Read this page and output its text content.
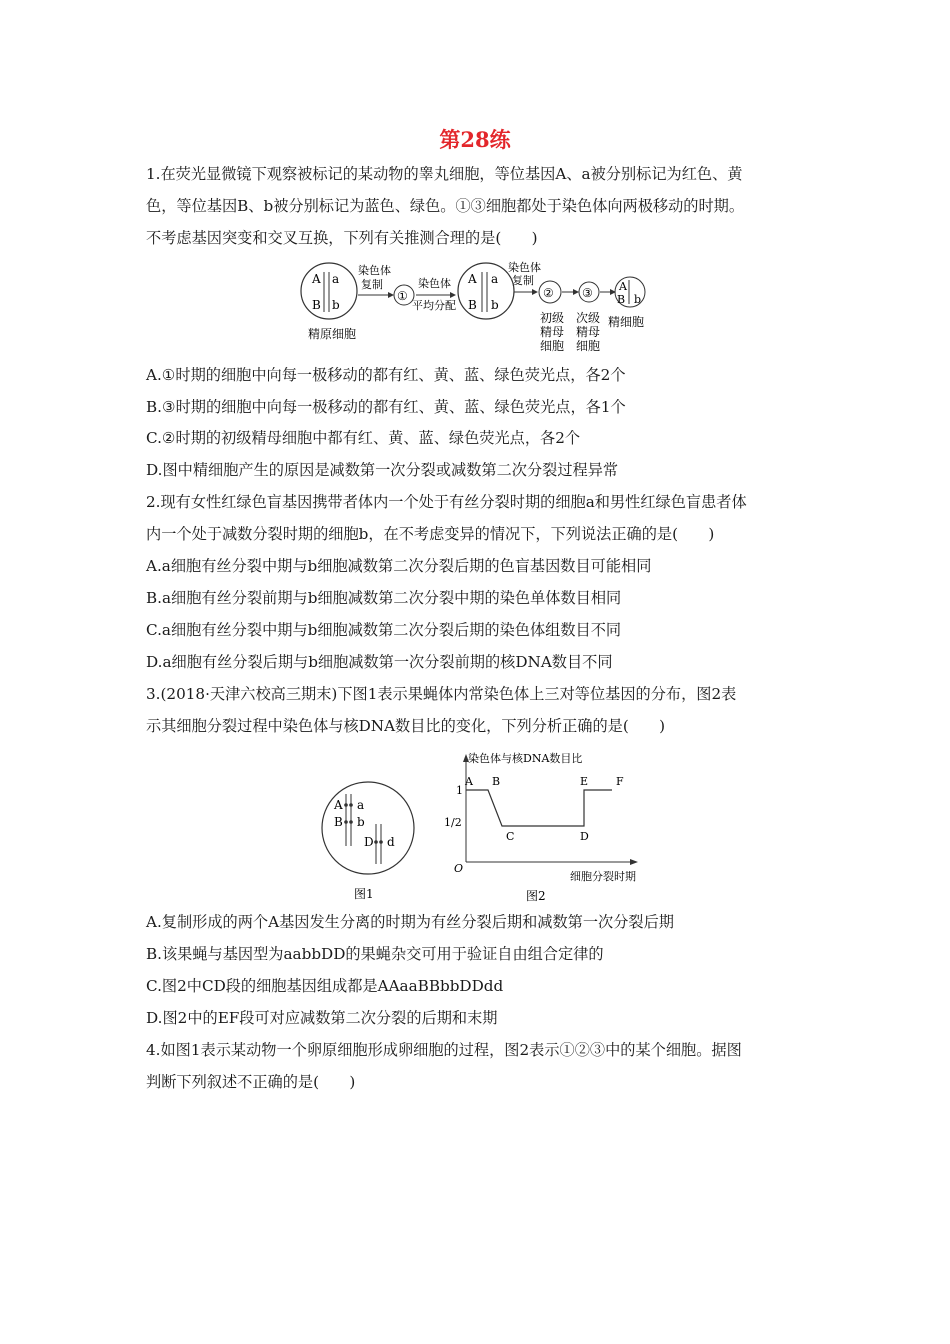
第28练
1.在荧光显微镜下观察被标记的某动物的睾丸细胞，等位基因A、a被分别标记为红色、黄
色，等位基因B、b被分别标记为蓝色、绿色。①③细胞都处于染色体向两极移动的时期。
不考虑基因突变和交叉互换，下列有关推测合理的是(　　)
A a
B b
精原细胞
染色体
复制
①
染色体
平均分配
A a
B b
染色体
复制
② ③ A
B b
初级
精母
细胞
次级
精母
细胞
精细胞
A.①时期的细胞中向每一极移动的都有红、黄、蓝、绿色荧光点，各2个
B.③时期的细胞中向每一极移动的都有红、黄、蓝、绿色荧光点，各1个
C.②时期的初级精母细胞中都有红、黄、蓝、绿色荧光点，各2个
D.图中精细胞产生的原因是减数第一次分裂或减数第二次分裂过程异常
2.现有女性红绿色盲基因携带者体内一个处于有丝分裂时期的细胞a和男性红绿色盲患者体
内一个处于减数分裂时期的细胞b，在不考虑变异的情况下，下列说法正确的是(　　)
A.a细胞有丝分裂中期与b细胞减数第二次分裂后期的色盲基因数目可能相同
B.a细胞有丝分裂前期与b细胞减数第二次分裂中期的染色单体数目相同
C.a细胞有丝分裂中期与b细胞减数第二次分裂后期的染色体组数目不同
D.a细胞有丝分裂后期与b细胞减数第一次分裂前期的核DNA数目不同
3.(2018·天津六校高三期末)下图1表示果蝇体内常染色体上三对等位基因的分布，图2表
示其细胞分裂过程中染色体与核DNA数目比的变化，下列分析正确的是(　　)
A a
B b
D d
图1
染色体与核DNA数目比
细胞分裂时期
O
1
1/2
A B
C	D
E	F
图2
A.复制形成的两个A基因发生分离的时期为有丝分裂后期和减数第一次分裂后期
B.该果蝇与基因型为aabbDD的果蝇杂交可用于验证自由组合定律的
C.图2中CD段的细胞基因组成都是AAaaBBbbDDdd
D.图2中的EF段可对应减数第二次分裂的后期和末期
4.如图1表示某动物一个卵原细胞形成卵细胞的过程，图2表示①②③中的某个细胞。据图
判断下列叙述不正确的是(　　)
